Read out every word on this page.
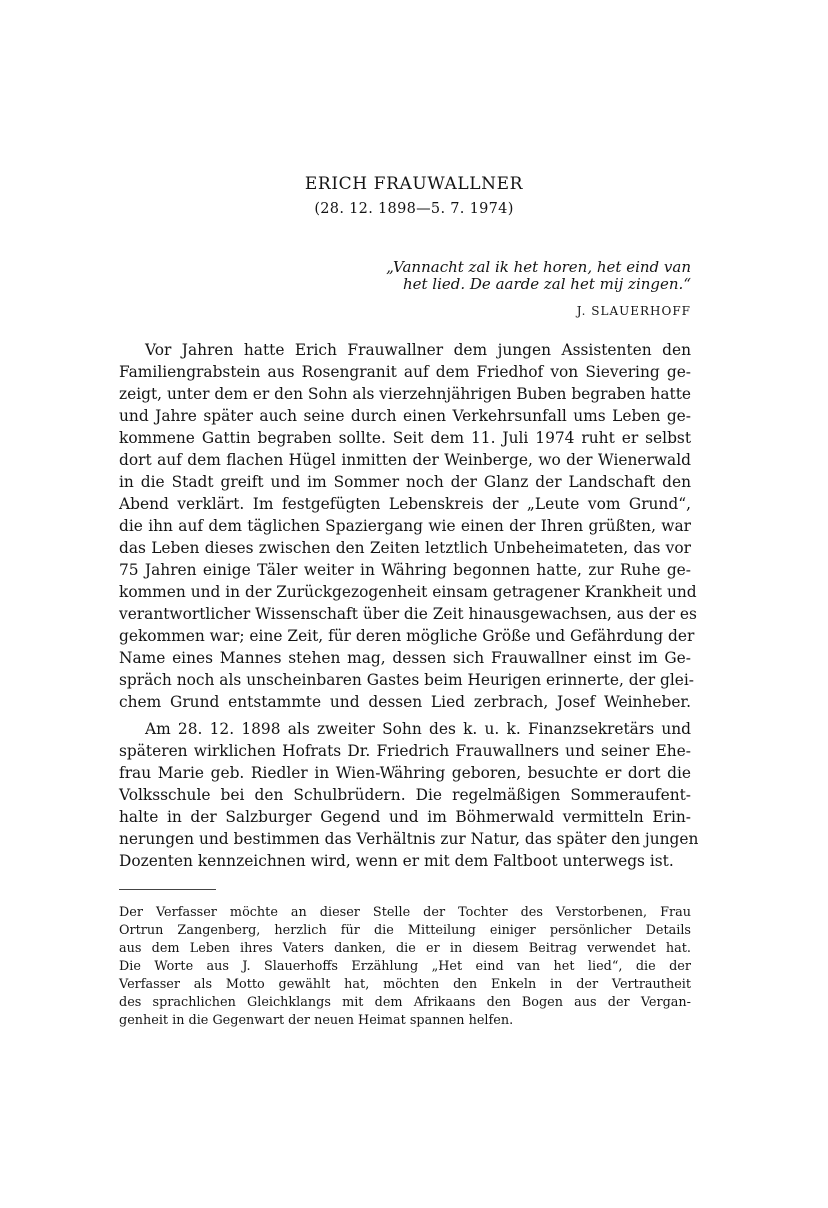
ERICH FRAUWALLNER
(28. 12. 1898—5. 7. 1974)
„Vannacht zal ik het horen, het eind van
het lied. De aarde zal het mij zingen.“
J. SLAUERHOFF
Vor Jahren hatte Erich Frauwallner dem jungen Assistenten den
Familiengrabstein aus Rosengranit auf dem Friedhof von Sievering ge-
zeigt, unter dem er den Sohn als vierzehnjährigen Buben begraben hatte
und Jahre später auch seine durch einen Verkehrsunfall ums Leben ge-
kommene Gattin begraben sollte. Seit dem 11. Juli 1974 ruht er selbst
dort auf dem flachen Hügel inmitten der Weinberge, wo der Wienerwald
in die Stadt greift und im Sommer noch der Glanz der Landschaft den
Abend verklärt. Im festgefügten Lebenskreis der „Leute vom Grund“,
die ihn auf dem täglichen Spaziergang wie einen der Ihren grüßten, war
das Leben dieses zwischen den Zeiten letztlich Unbeheimateten, das vor
75 Jahren einige Täler weiter in Währing begonnen hatte, zur Ruhe ge-
kommen und in der Zurückgezogenheit einsam getragener Krankheit und
verantwortlicher Wissenschaft über die Zeit hinausgewachsen, aus der es
gekommen war; eine Zeit, für deren mögliche Größe und Gefährdung der
Name eines Mannes stehen mag, dessen sich Frauwallner einst im Ge-
spräch noch als unscheinbaren Gastes beim Heurigen erinnerte, der glei-
chem Grund entstammte und dessen Lied zerbrach, Josef Weinheber.
Am 28. 12. 1898 als zweiter Sohn des k. u. k. Finanzsekretärs und
späteren wirklichen Hofrats Dr. Friedrich Frauwallners und seiner Ehe-
frau Marie geb. Riedler in Wien-Währing geboren, besuchte er dort die
Volksschule bei den Schulbrüdern. Die regelmäßigen Sommeraufent-
halte in der Salzburger Gegend und im Böhmerwald vermitteln Erin-
nerungen und bestimmen das Verhältnis zur Natur, das später den jungen
Dozenten kennzeichnen wird, wenn er mit dem Faltboot unterwegs ist.
Der Verfasser möchte an dieser Stelle der Tochter des Verstorbenen, Frau
Ortrun Zangenberg, herzlich für die Mitteilung einiger persönlicher Details
aus dem Leben ihres Vaters danken, die er in diesem Beitrag verwendet hat.
Die Worte aus J. Slauerhoffs Erzählung „Het eind van het lied“, die der
Verfasser als Motto gewählt hat, möchten den Enkeln in der Vertrautheit
des sprachlichen Gleichklangs mit dem Afrikaans den Bogen aus der Vergan-
genheit in die Gegenwart der neuen Heimat spannen helfen.
